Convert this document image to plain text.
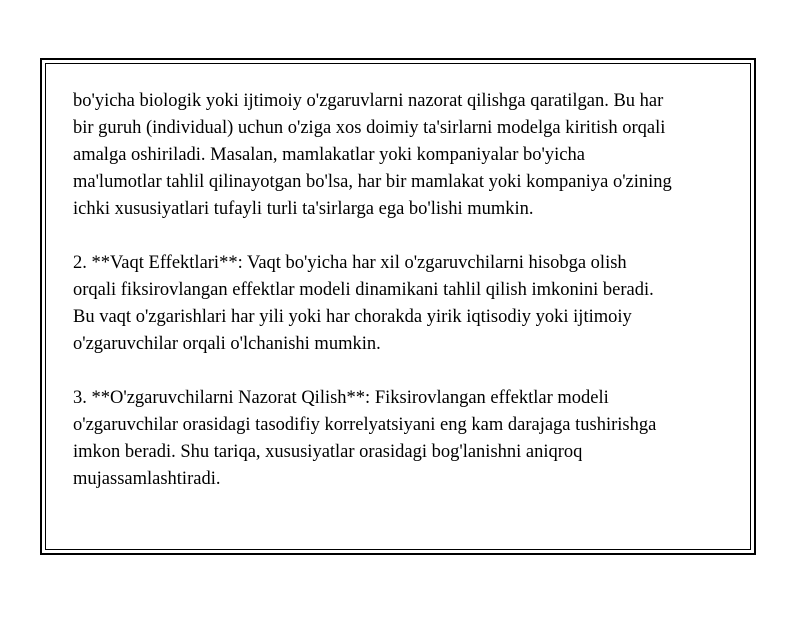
bo'yicha biologik yoki ijtimoiy o'zgaruvlarni nazorat qilishga qaratilgan. Bu har
bir guruh (individual) uchun o'ziga xos doimiy ta'sirlarni modelga kiritish orqali
amalga oshiriladi. Masalan, mamlakatlar yoki kompaniyalar bo'yicha
ma'lumotlar tahlil qilinayotgan bo'lsa, har bir mamlakat yoki kompaniya o'zining
ichki xususiyatlari tufayli turli ta'sirlarga ega bo'lishi mumkin.

2. **Vaqt Effektlari**: Vaqt bo'yicha har xil o'zgaruvchilarni hisobga olish
orqali fiksirovlangan effektlar modeli dinamikani tahlil qilish imkonini beradi.
Bu vaqt o'zgarishlari har yili yoki har chorakda yirik iqtisodiy yoki ijtimoiy
o'zgaruvchilar orqali o'lchanishi mumkin.

3. **O'zgaruvchilarni Nazorat Qilish**: Fiksirovlangan effektlar modeli
o'zgaruvchilar orasidagi tasodifiy korrelyatsiyani eng kam darajaga tushirishga
imkon beradi. Shu tariqa, xususiyatlar orasidagi bog'lanishni aniqroq
mujassamlashtiradi.
